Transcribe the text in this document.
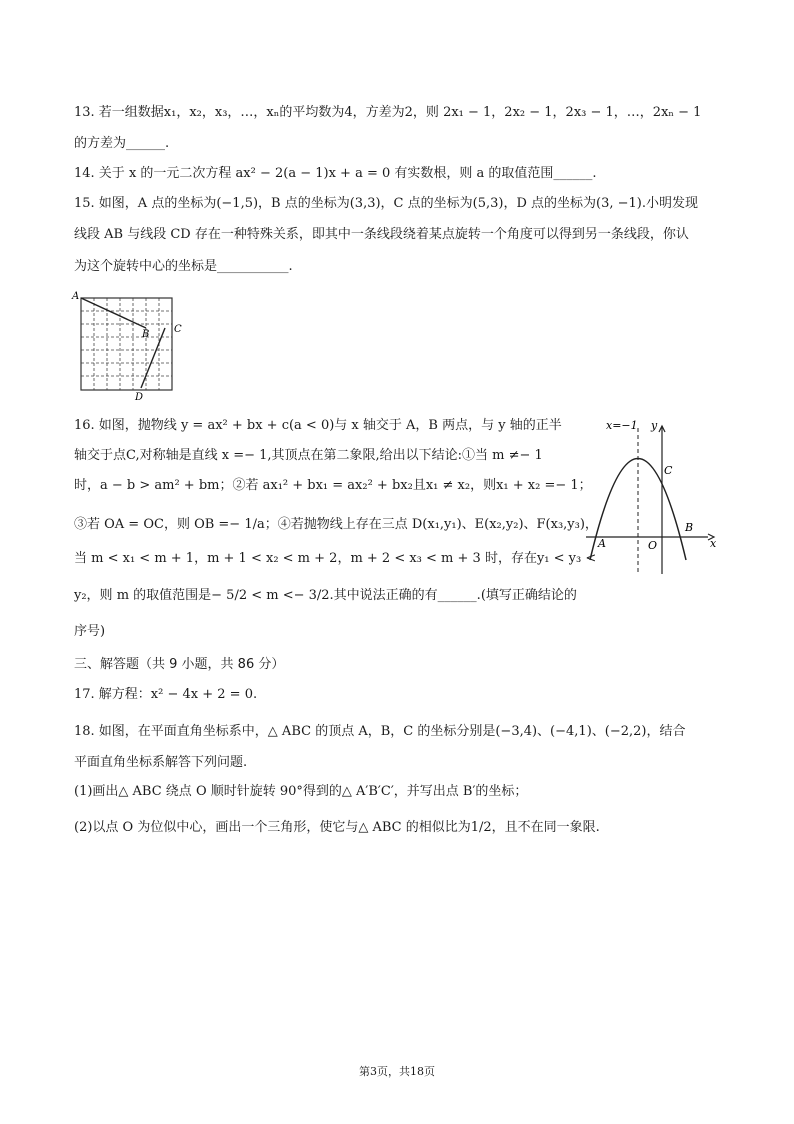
13. 若一组数据x₁，x₂，x₃，…，xₙ的平均数为4，方差为2，则 2x₁ − 1，2x₂ − 1，2x₃ − 1，…，2xₙ − 1
的方差为______.
14. 关于 x 的一元二次方程 ax² − 2(a − 1)x + a = 0 有实数根，则 a 的取值范围______.
15. 如图，A 点的坐标为(−1,5)，B 点的坐标为(3,3)，C 点的坐标为(5,3)，D 点的坐标为(3, −1).小明发现
线段 AB 与线段 CD 存在一种特殊关系，即其中一条线段绕着某点旋转一个角度可以得到另一条线段，你认
为这个旋转中心的坐标是___________.
A
B C
D
16. 如图，抛物线 y = ax² + bx + c(a < 0)与 x 轴交于 A，B 两点，与 y 轴的正半
轴交于点C,对称轴是直线 x =− 1,其顶点在第二象限,给出以下结论:①当 m ≠− 1
时，a − b > am² + bm；②若 ax₁² + bx₁ = ax₂² + bx₂且x₁ ≠ x₂，则x₁ + x₂ =− 1；
③若 OA = OC，则 OB =− 1/a；④若抛物线上存在三点 D(x₁,y₁)、E(x₂,y₂)、F(x₃,y₃)，
当 m < x₁ < m + 1，m + 1 < x₂ < m + 2，m + 2 < x₃ < m + 3 时，存在y₁ < y₃ <
y₂，则 m 的取值范围是− 5/2 < m <− 3/2.其中说法正确的有______.(填写正确结论的
序号)
x=−1 y
x
A
B
C
O
三、解答题（共 9 小题，共 86 分）
17. 解方程：x² − 4x + 2 = 0.
18. 如图，在平面直角坐标系中，△ ABC 的顶点 A，B，C 的坐标分别是(−3,4)、(−4,1)、(−2,2)，结合
平面直角坐标系解答下列问题.
(1)画出△ ABC 绕点 O 顺时针旋转 90°得到的△ A′B′C′，并写出点 B′的坐标；
(2)以点 O 为位似中心，画出一个三角形，使它与△ ABC 的相似比为1/2，且不在同一象限.
第3页，共18页
